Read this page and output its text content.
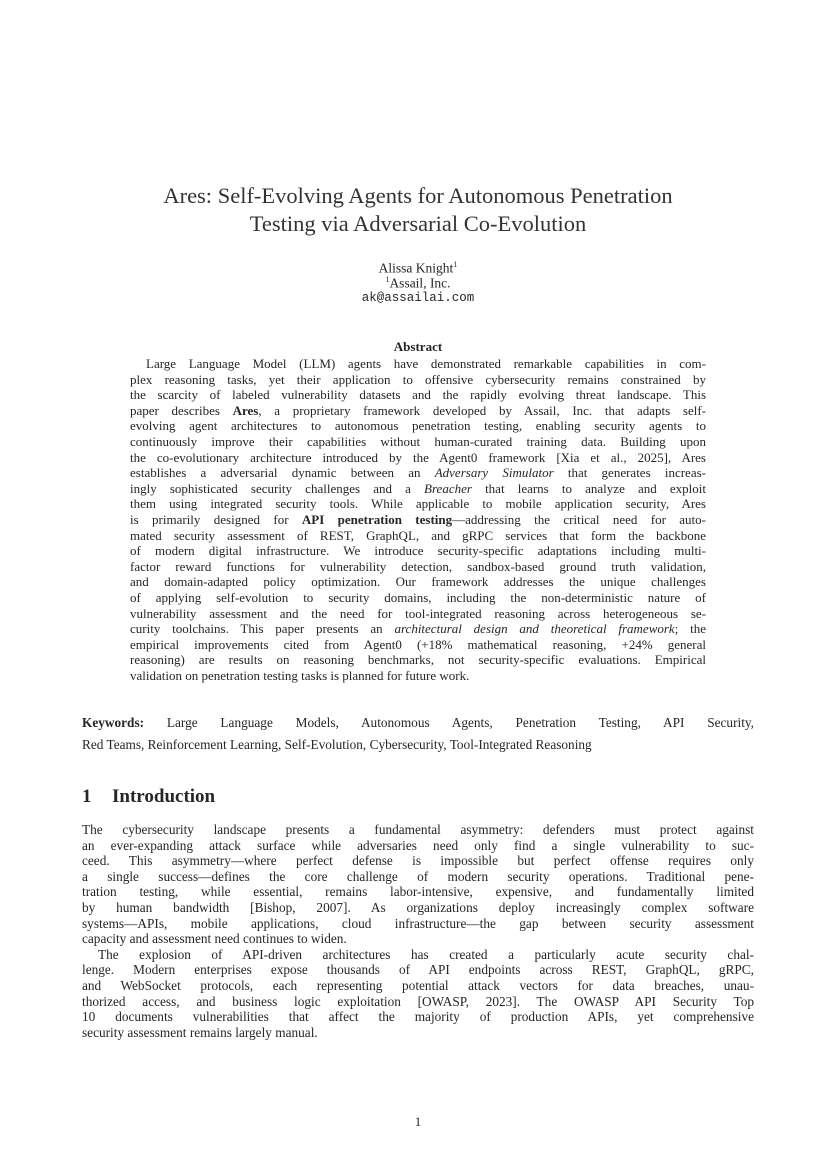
Ares: Self-Evolving Agents for Autonomous Penetration
Testing via Adversarial Co-Evolution
Alissa Knight$^1$
$^1$Assail, Inc.
ak@assailai.com
Abstract
Large Language Model (LLM) agents have demonstrated remarkable capabilities in com-
plex reasoning tasks, yet their application to offensive cybersecurity remains constrained by
the scarcity of labeled vulnerability datasets and the rapidly evolving threat landscape. This
paper describes Ares, a proprietary framework developed by Assail, Inc. that adapts self-
evolving agent architectures to autonomous penetration testing, enabling security agents to
continuously improve their capabilities without human-curated training data. Building upon
the co-evolutionary architecture introduced by the Agent0 framework [Xia et al., 2025], Ares
establishes a adversarial dynamic between an Adversary Simulator that generates increas-
ingly sophisticated security challenges and a Breacher that learns to analyze and exploit
them using integrated security tools. While applicable to mobile application security, Ares
is primarily designed for API penetration testing—addressing the critical need for auto-
mated security assessment of REST, GraphQL, and gRPC services that form the backbone
of modern digital infrastructure. We introduce security-specific adaptations including multi-
factor reward functions for vulnerability detection, sandbox-based ground truth validation,
and domain-adapted policy optimization. Our framework addresses the unique challenges
of applying self-evolution to security domains, including the non-deterministic nature of
vulnerability assessment and the need for tool-integrated reasoning across heterogeneous se-
curity toolchains. This paper presents an architectural design and theoretical framework; the
empirical improvements cited from Agent0 (+18% mathematical reasoning, +24% general
reasoning) are results on reasoning benchmarks, not security-specific evaluations. Empirical
validation on penetration testing tasks is planned for future work.
Keywords: Large Language Models, Autonomous Agents, Penetration Testing, API Security,
Red Teams, Reinforcement Learning, Self-Evolution, Cybersecurity, Tool-Integrated Reasoning
1 Introduction
The cybersecurity landscape presents a fundamental asymmetry: defenders must protect against
an ever-expanding attack surface while adversaries need only find a single vulnerability to suc-
ceed. This asymmetry—where perfect defense is impossible but perfect offense requires only
a single success—defines the core challenge of modern security operations. Traditional pene-
tration testing, while essential, remains labor-intensive, expensive, and fundamentally limited
by human bandwidth [Bishop, 2007]. As organizations deploy increasingly complex software
systems—APIs, mobile applications, cloud infrastructure—the gap between security assessment
capacity and assessment need continues to widen.
The explosion of API-driven architectures has created a particularly acute security chal-
lenge. Modern enterprises expose thousands of API endpoints across REST, GraphQL, gRPC,
and WebSocket protocols, each representing potential attack vectors for data breaches, unau-
thorized access, and business logic exploitation [OWASP, 2023]. The OWASP API Security Top
10 documents vulnerabilities that affect the majority of production APIs, yet comprehensive
security assessment remains largely manual.
1
